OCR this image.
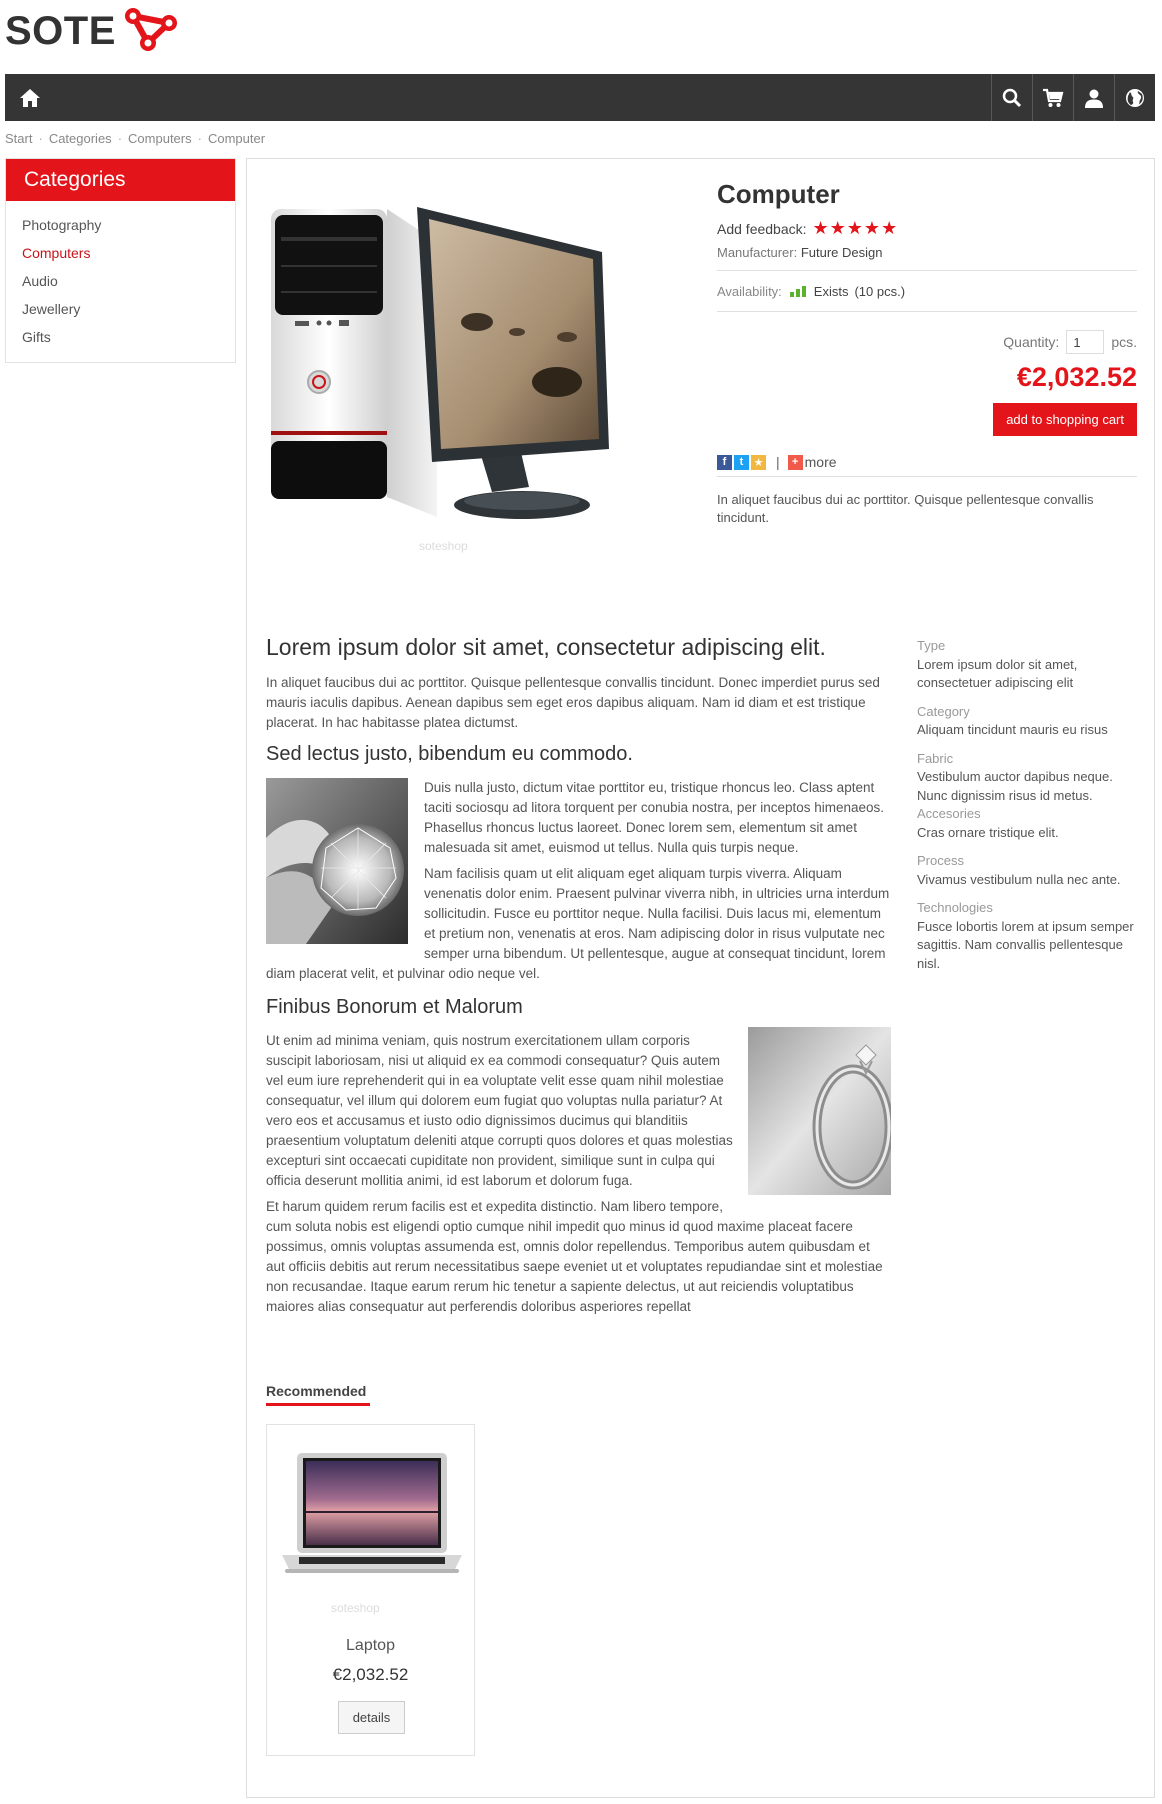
SOTE
Start · Categories · Computers · Computer
Categories
Photography
Computers
Audio
Jewellery
Gifts
soteshop
Computer
Add feedback: ★★★★★
Manufacturer: Future Design
Availability: Exists (10 pcs.)
Quantity:
1	pcs.
€2,032.52
add to shopping cart
f	t ★ |	+ more
In aliquet faucibus dui ac porttitor. Quisque pellentesque convallis tincidunt.
Lorem ipsum dolor sit amet, consectetur adipiscing elit.

In aliquet faucibus dui ac porttitor. Quisque pellentesque convallis tincidunt. Donec imperdiet purus sed mauris iaculis dapibus. Aenean dapibus sem eget eros dapibus aliquam. Nam id diam et est tristique placerat. In hac habitasse platea dictumst.

Sed lectus justo, bibendum eu commodo.

Duis nulla justo, dictum vitae porttitor eu, tristique rhoncus leo. Class aptent taciti sociosqu ad litora torquent per conubia nostra, per inceptos himenaeos. Phasellus rhoncus luctus laoreet. Donec lorem sem, elementum sit amet malesuada sit amet, euismod ut tellus. Nulla quis turpis neque.

Nam facilisis quam ut elit aliquam eget aliquam turpis viverra. Aliquam venenatis dolor enim. Praesent pulvinar viverra nibh, in ultricies urna interdum sollicitudin. Fusce eu porttitor neque. Nulla facilisi. Duis lacus mi, elementum et pretium non, venenatis at eros. Nam adipiscing dolor in risus vulputate nec semper urna bibendum. Ut pellentesque, augue at consequat tincidunt, lorem diam placerat velit, et pulvinar odio neque vel.

Finibus Bonorum et Malorum

Ut enim ad minima veniam, quis nostrum exercitationem ullam corporis suscipit laboriosam, nisi ut aliquid ex ea commodi consequatur? Quis autem vel eum iure reprehenderit qui in ea voluptate velit esse quam nihil molestiae consequatur, vel illum qui dolorem eum fugiat quo voluptas nulla pariatur? At vero eos et accusamus et iusto odio dignissimos ducimus qui blanditiis praesentium voluptatum deleniti atque corrupti quos dolores et quas molestias excepturi sint occaecati cupiditate non provident, similique sunt in culpa qui officia deserunt mollitia animi, id est laborum et dolorum fuga.

Et harum quidem rerum facilis est et expedita distinctio. Nam libero tempore, cum soluta nobis est eligendi optio cumque nihil impedit quo minus id quod maxime placeat facere possimus, omnis voluptas assumenda est, omnis dolor repellendus. Temporibus autem quibusdam et aut officiis debitis aut rerum necessitatibus saepe eveniet ut et voluptates repudiandae sint et molestiae non recusandae. Itaque earum rerum hic tenetur a sapiente delectus, ut aut reiciendis voluptatibus maiores alias consequatur aut perferendis doloribus asperiores repellat

Type
Lorem ipsum dolor sit amet, consectetuer adipiscing elit
Category
Aliquam tincidunt mauris eu risus
Fabric
Vestibulum auctor dapibus neque. Nunc dignissim risus id metus.
Accesories
Cras ornare tristique elit.
Process
Vivamus vestibulum nulla nec ante.
Technologies
Fusce lobortis lorem at ipsum semper sagittis. Nam convallis pellentesque nisl.
Recommended
soteshop
Laptop
€2,032.52
details
